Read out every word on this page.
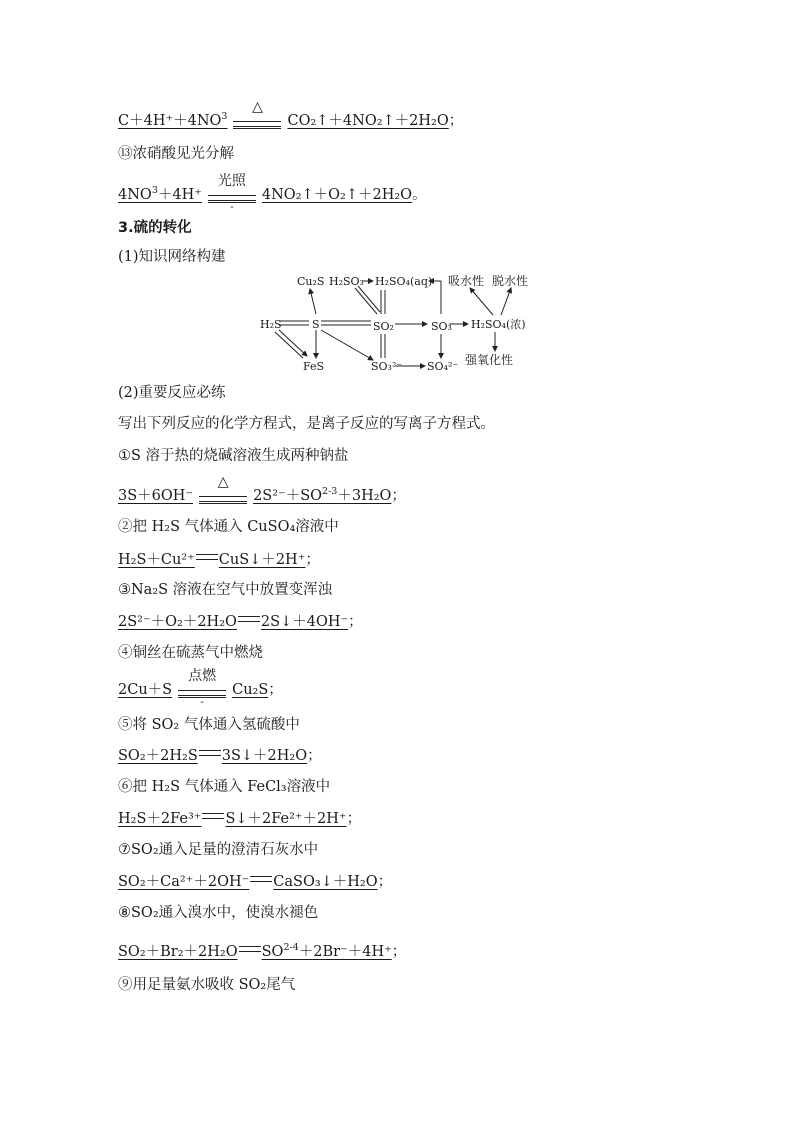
$C+4H^++4NO^3$
△
CO₂↑＋4NO₂↑＋2H₂O；
⑬浓硝酸见光分解
$4NO^3+4H^+$
光照
-
4NO₂↑＋O₂↑＋2H₂O。
3.硫的转化
(1)知识网络构建
Cu₂S H₂SO₃ H₂SO₄(aq) 吸水性 脱水性
H₂S	S	SO₂	SO₃ H₂SO₄(浓)
FeS	SO₃²⁻ SO₄²⁻ 强氧化性
(2)重要反应必练
写出下列反应的化学方程式，是离子反应的写离子方程式。
①S 溶于热的烧碱溶液生成两种钠盐
3S＋6OH⁻
△
$2S^{2-}+SO^{2-3}+3H_2O$；
②把 H₂S 气体通入 CuSO₄溶液中
H₂S＋Cu²⁺ CuS↓＋2H⁺；
③Na₂S 溶液在空气中放置变浑浊
2S²⁻＋O₂＋2H₂O 2S↓＋4OH⁻；
④铜丝在硫蒸气中燃烧
2Cu＋S
点燃
-
Cu₂S；
⑤将 SO₂ 气体通入氢硫酸中
SO₂＋2H₂S 3S↓＋2H₂O；
⑥把 H₂S 气体通入 FeCl₃溶液中
H₂S＋2Fe³⁺ S↓＋2Fe²⁺＋2H⁺；
⑦SO₂通入足量的澄清石灰水中
SO₂＋Ca²⁺＋2OH⁻ CaSO₃↓＋H₂O；
⑧SO₂通入溴水中，使溴水褪色
SO₂＋Br₂＋2H₂O $SO^{2-4}+2Br^-+4H^+$；
⑨用足量氨水吸收 SO₂尾气
